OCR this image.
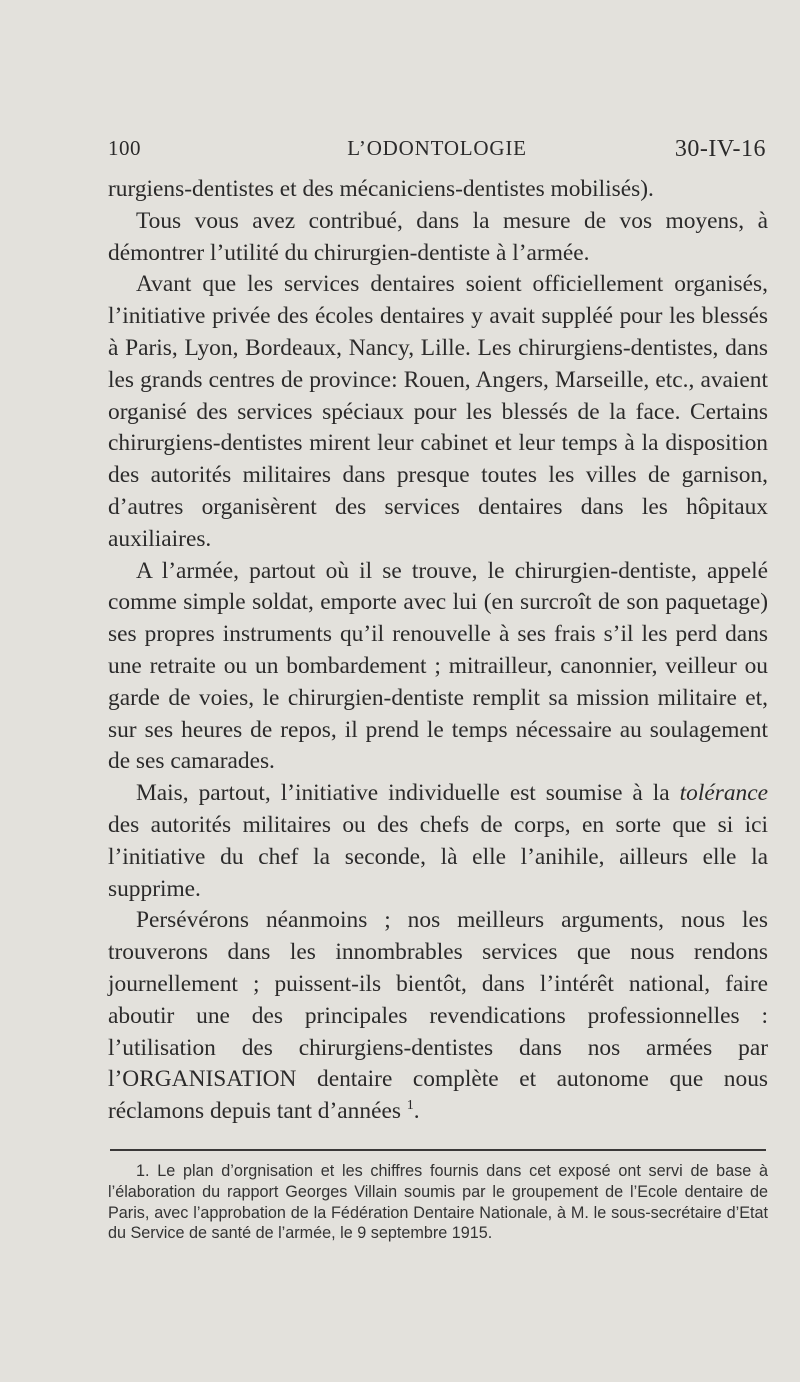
100	L’ODONTOLOGIE	30-IV-16

rurgiens-dentistes et des mécaniciens-dentistes mobilisés).

Tous vous avez contribué, dans la mesure de vos moyens, à démontrer l’utilité du chirurgien-dentiste à l’armée.

Avant que les services dentaires soient officiellement organisés, l’initiative privée des écoles dentaires y avait suppléé pour les blessés à Paris, Lyon, Bordeaux, Nancy, Lille. Les chirurgiens-dentistes, dans les grands centres de province: Rouen, Angers, Marseille, etc., avaient organisé des services spéciaux pour les blessés de la face. Certains chirurgiens-dentistes mirent leur cabinet et leur temps à la disposition des autorités militaires dans presque toutes les villes de garnison, d’autres organisèrent des services dentaires dans les hôpitaux auxiliaires.

A l’armée, partout où il se trouve, le chirurgien-dentiste, appelé comme simple soldat, emporte avec lui (en surcroît de son paquetage) ses propres instruments qu’il renouvelle à ses frais s’il les perd dans une retraite ou un bombardement ; mitrailleur, canonnier, veilleur ou garde de voies, le chirurgien-dentiste remplit sa mission militaire et, sur ses heures de repos, il prend le temps nécessaire au soulagement de ses camarades.

Mais, partout, l’initiative individuelle est soumise à la tolérance des autorités militaires ou des chefs de corps, en sorte que si ici l’initiative du chef la seconde, là elle l’anihile, ailleurs elle la supprime.

Persévérons néanmoins ; nos meilleurs arguments, nous les trouverons dans les innombrables services que nous rendons journellement ; puissent-ils bientôt, dans l’intérêt national, faire aboutir une des principales revendications professionnelles : l’utilisation des chirurgiens-dentistes dans nos armées par l’ORGANISATION dentaire complète et autonome que nous réclamons depuis tant d’années $^1$.

1. Le plan d’orgnisation et les chiffres fournis dans cet exposé ont servi de base à l’élaboration du rapport Georges Villain soumis par le groupement de l’Ecole dentaire de Paris, avec l’approbation de la Fédération Dentaire Nationale, à M. le sous-secrétaire d’Etat du Service de santé de l’armée, le 9 septembre 1915.
